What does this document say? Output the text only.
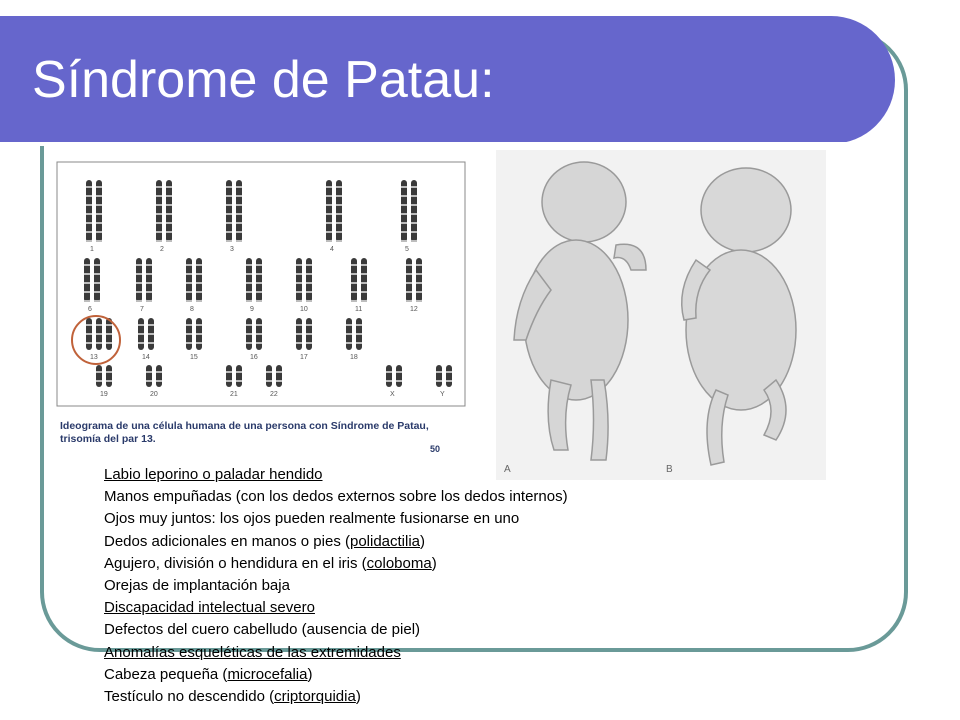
Síndrome de Patau:
1	2	3	4	5
6	7	8	9	10	11	12
13	14	15	16	17	18
19	20	21	22	X	Y
Ideograma de una célula humana de una persona con Síndrome de Patau,
trisomía del par 13.
50
A	B
Labio leporino o paladar hendido
Manos empuñadas (con los dedos externos sobre los dedos internos)
Ojos muy juntos: los ojos pueden realmente fusionarse en uno
Dedos adicionales en manos o pies (polidactilia)
Agujero, división o hendidura en el iris (coloboma)
Orejas de implantación baja
Discapacidad intelectual severo
Defectos del cuero cabelludo (ausencia de piel)
Anomalías esqueléticas de las extremidades
Cabeza pequeña (microcefalia)
Testículo no descendido (criptorquidia)
